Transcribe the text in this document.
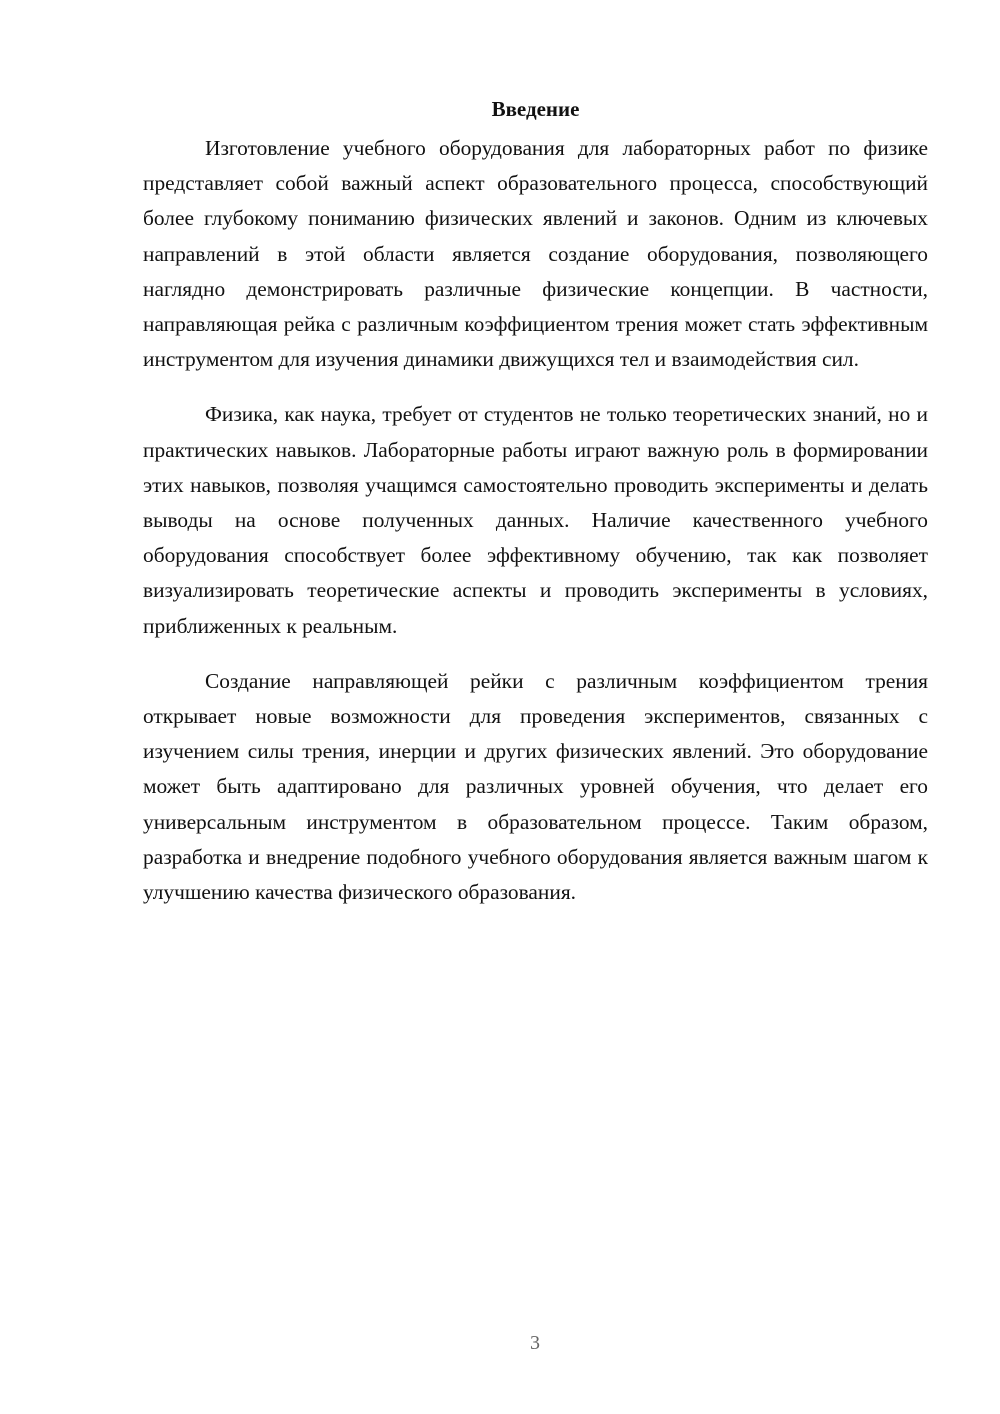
Введение

Изготовление учебного оборудования для лабораторных работ по физике представляет собой важный аспект образовательного процесса, способствующий более глубокому пониманию физических явлений и законов. Одним из ключевых направлений в этой области является создание оборудования, позволяющего наглядно демонстрировать различные физические концепции. В частности, направляющая рейка с различным коэффициентом трения может стать эффективным инструментом для изучения динамики движущихся тел и взаимодействия сил.

Физика, как наука, требует от студентов не только теоретических знаний, но и практических навыков. Лабораторные работы играют важную роль в формировании этих навыков, позволяя учащимся самостоятельно проводить эксперименты и делать выводы на основе полученных данных. Наличие качественного учебного оборудования способствует более эффективному обучению, так как позволяет визуализировать теоретические аспекты и проводить эксперименты в условиях, приближенных к реальным.

Создание направляющей рейки с различным коэффициентом трения открывает новые возможности для проведения экспериментов, связанных с изучением силы трения, инерции и других физических явлений. Это оборудование может быть адаптировано для различных уровней обучения, что делает его универсальным инструментом в образовательном процессе. Таким образом, разработка и внедрение подобного учебного оборудования является важным шагом к улучшению качества физического образования.

3
